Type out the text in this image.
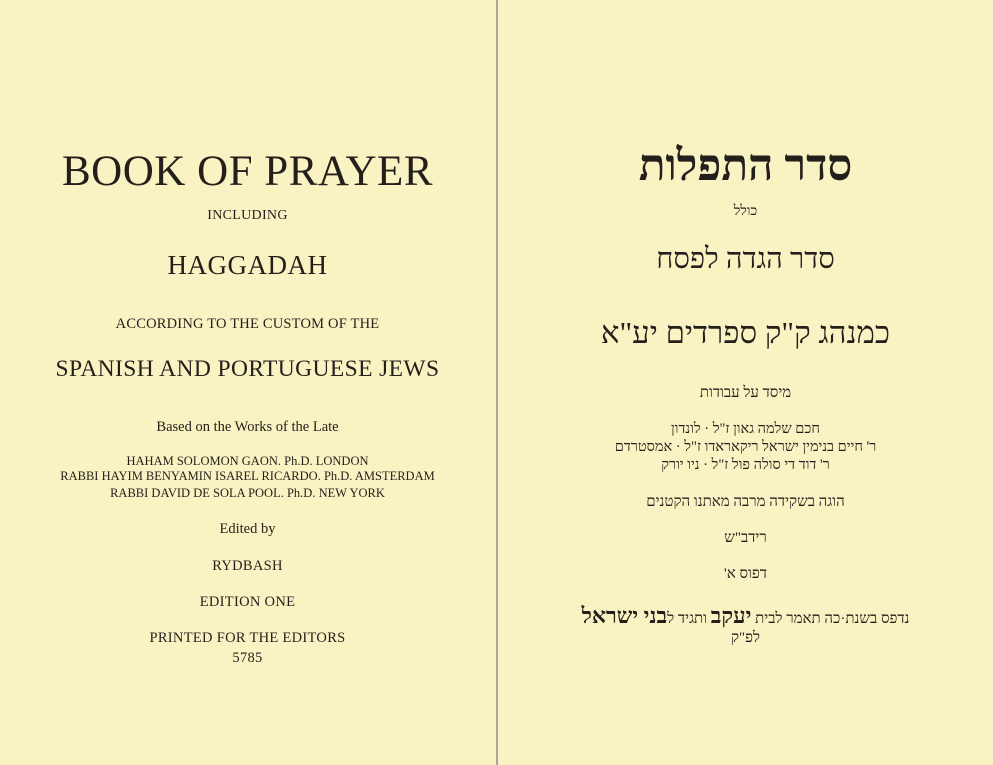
BOOK OF PRAYER
INCLUDING
HAGGADAH
ACCORDING TO THE CUSTOM OF THE
SPANISH AND PORTUGUESE JEWS
Based on the Works of the Late
HAHAM SOLOMON GAON. Ph.D. LONDON
RABBI HAYIM BENYAMIN ISAREL RICARDO. Ph.D. AMSTERDAM
RABBI DAVID DE SOLA POOL. Ph.D. NEW YORK
Edited by
RYDBASH
EDITION ONE
PRINTED FOR THE EDITORS
5785
סדר התפלות
כולל
סדר הגדה לפסח
כמנהג ק"ק ספרדים יע"א
מיסד על עבודות
חכם שלמה גאון ז"ל · לונדון
ר' חיים בנימין ישראל ריקאראדו ז"ל · אמסטרדם
ר' דוד די סולה פול ז"ל · ניו יורק
הוגה בשקידה מרבה מאתנו הקטנים
רידב"ש
דפוס א'
נדפס בשנת·כה תאמר לבית יעקב ותגיד לבני ישראל
לפ"ק
